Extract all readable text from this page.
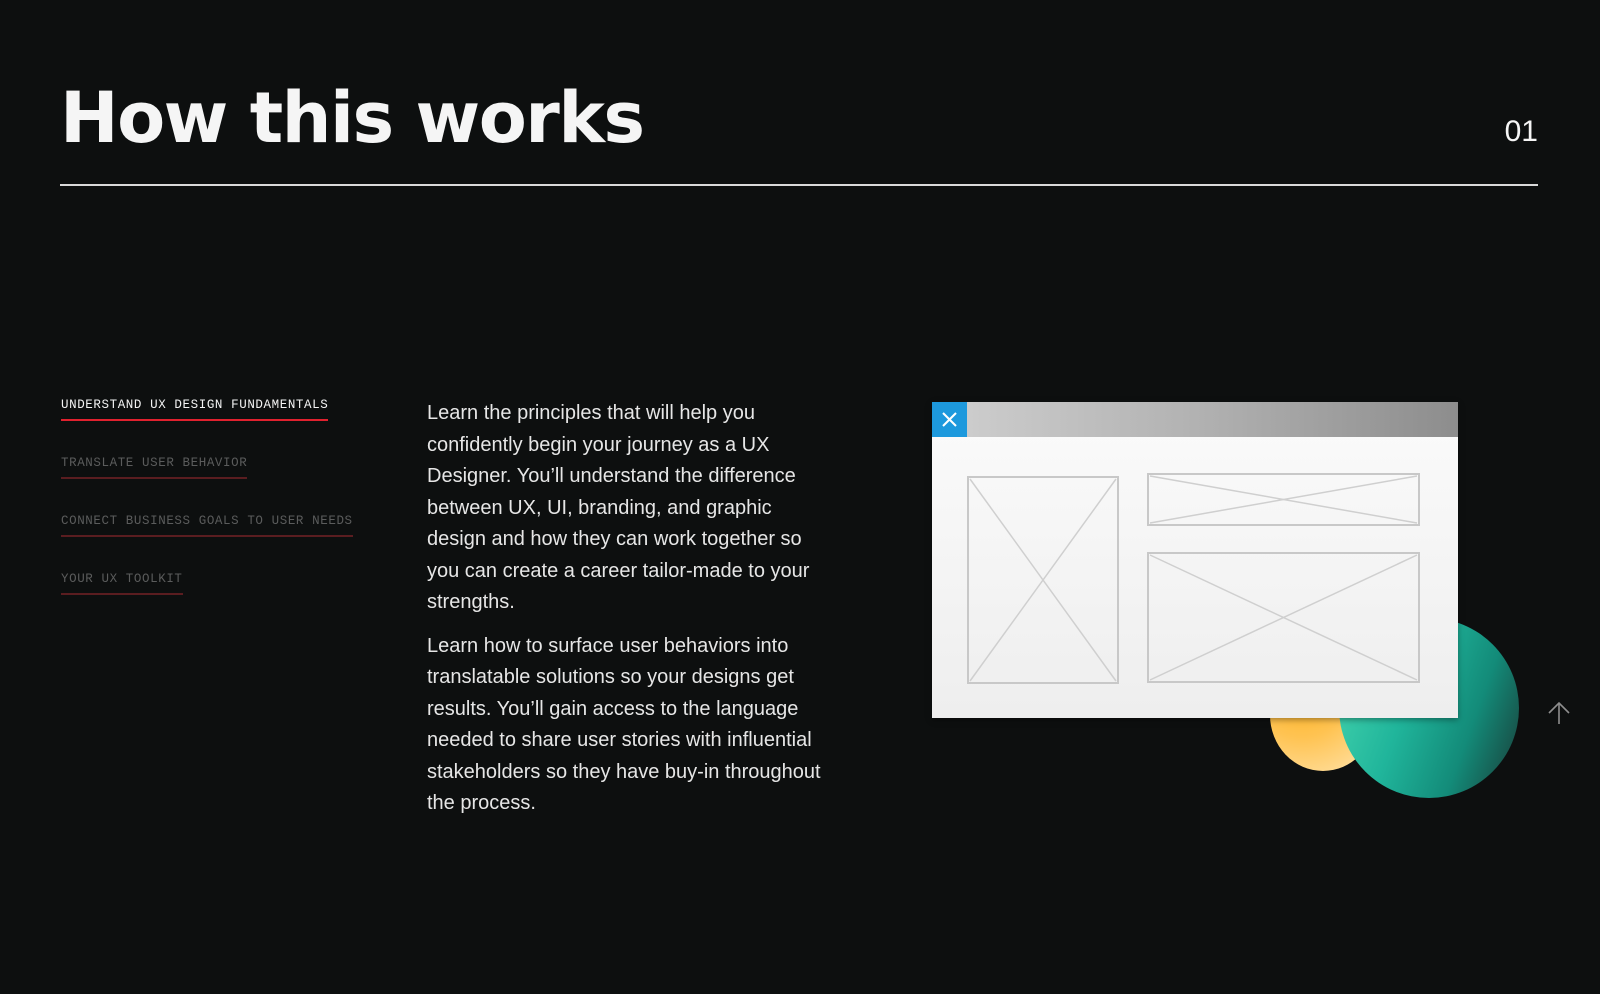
How this works	01
UNDERSTAND UX DESIGN FUNDAMENTALS
TRANSLATE USER BEHAVIOR
CONNECT BUSINESS GOALS TO USER NEEDS
YOUR UX TOOLKIT

Learn the principles that will help you confidently begin your journey as a UX Designer. You’ll understand the difference between UX, UI, branding, and graphic design and how they can work together so you can create a career tailor-made to your strengths.

Learn how to surface user behaviors into translatable solutions so your designs get results. You’ll gain access to the language needed to share user stories with influential stakeholders so they have buy-in throughout the process.
